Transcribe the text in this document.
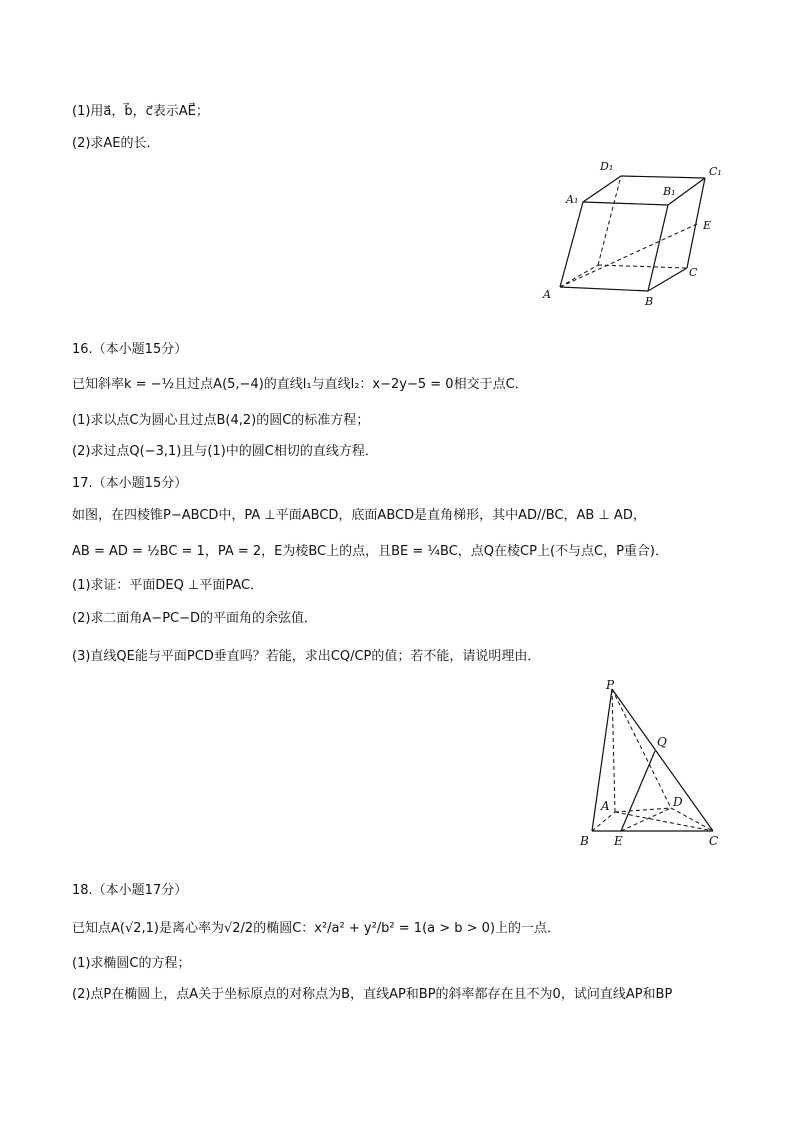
(1)用a⃗，b⃗，c⃗表示AE⃗；
(2)求AE的长．
D₁	C₁
A₁
B₁
E
C
A
B
16.（本小题15分）
已知斜率k = −½且过点A(5,−4)的直线l₁与直线l₂：x−2y−5 = 0相交于点C．
(1)求以点C为圆心且过点B(4,2)的圆C的标准方程；
(2)求过点Q(−3,1)且与(1)中的圆C相切的直线方程．
17.（本小题15分）
如图，在四棱锥P−ABCD中，PA ⊥平面ABCD，底面ABCD是直角梯形，其中AD//BC，AB ⊥ AD，
AB = AD = ½BC = 1，PA = 2，E为棱BC上的点，且BE = ¼BC，点Q在棱CP上(不与点C，P重合)．
(1)求证：平面DEQ ⊥平面PAC．
(2)求二面角A−PC−D的平面角的余弦值．
(3)直线QE能与平面PCD垂直吗？若能，求出CQ/CP的值；若不能，请说明理由．
P
Q
A	D
B E	C
18.（本小题17分）
已知点A(√2,1)是离心率为√2/2的椭圆C：x²/a² + y²/b² = 1(a > b > 0)上的一点．
(1)求椭圆C的方程；
(2)点P在椭圆上，点A关于坐标原点的对称点为B，直线AP和BP的斜率都存在且不为0，试问直线AP和BP
